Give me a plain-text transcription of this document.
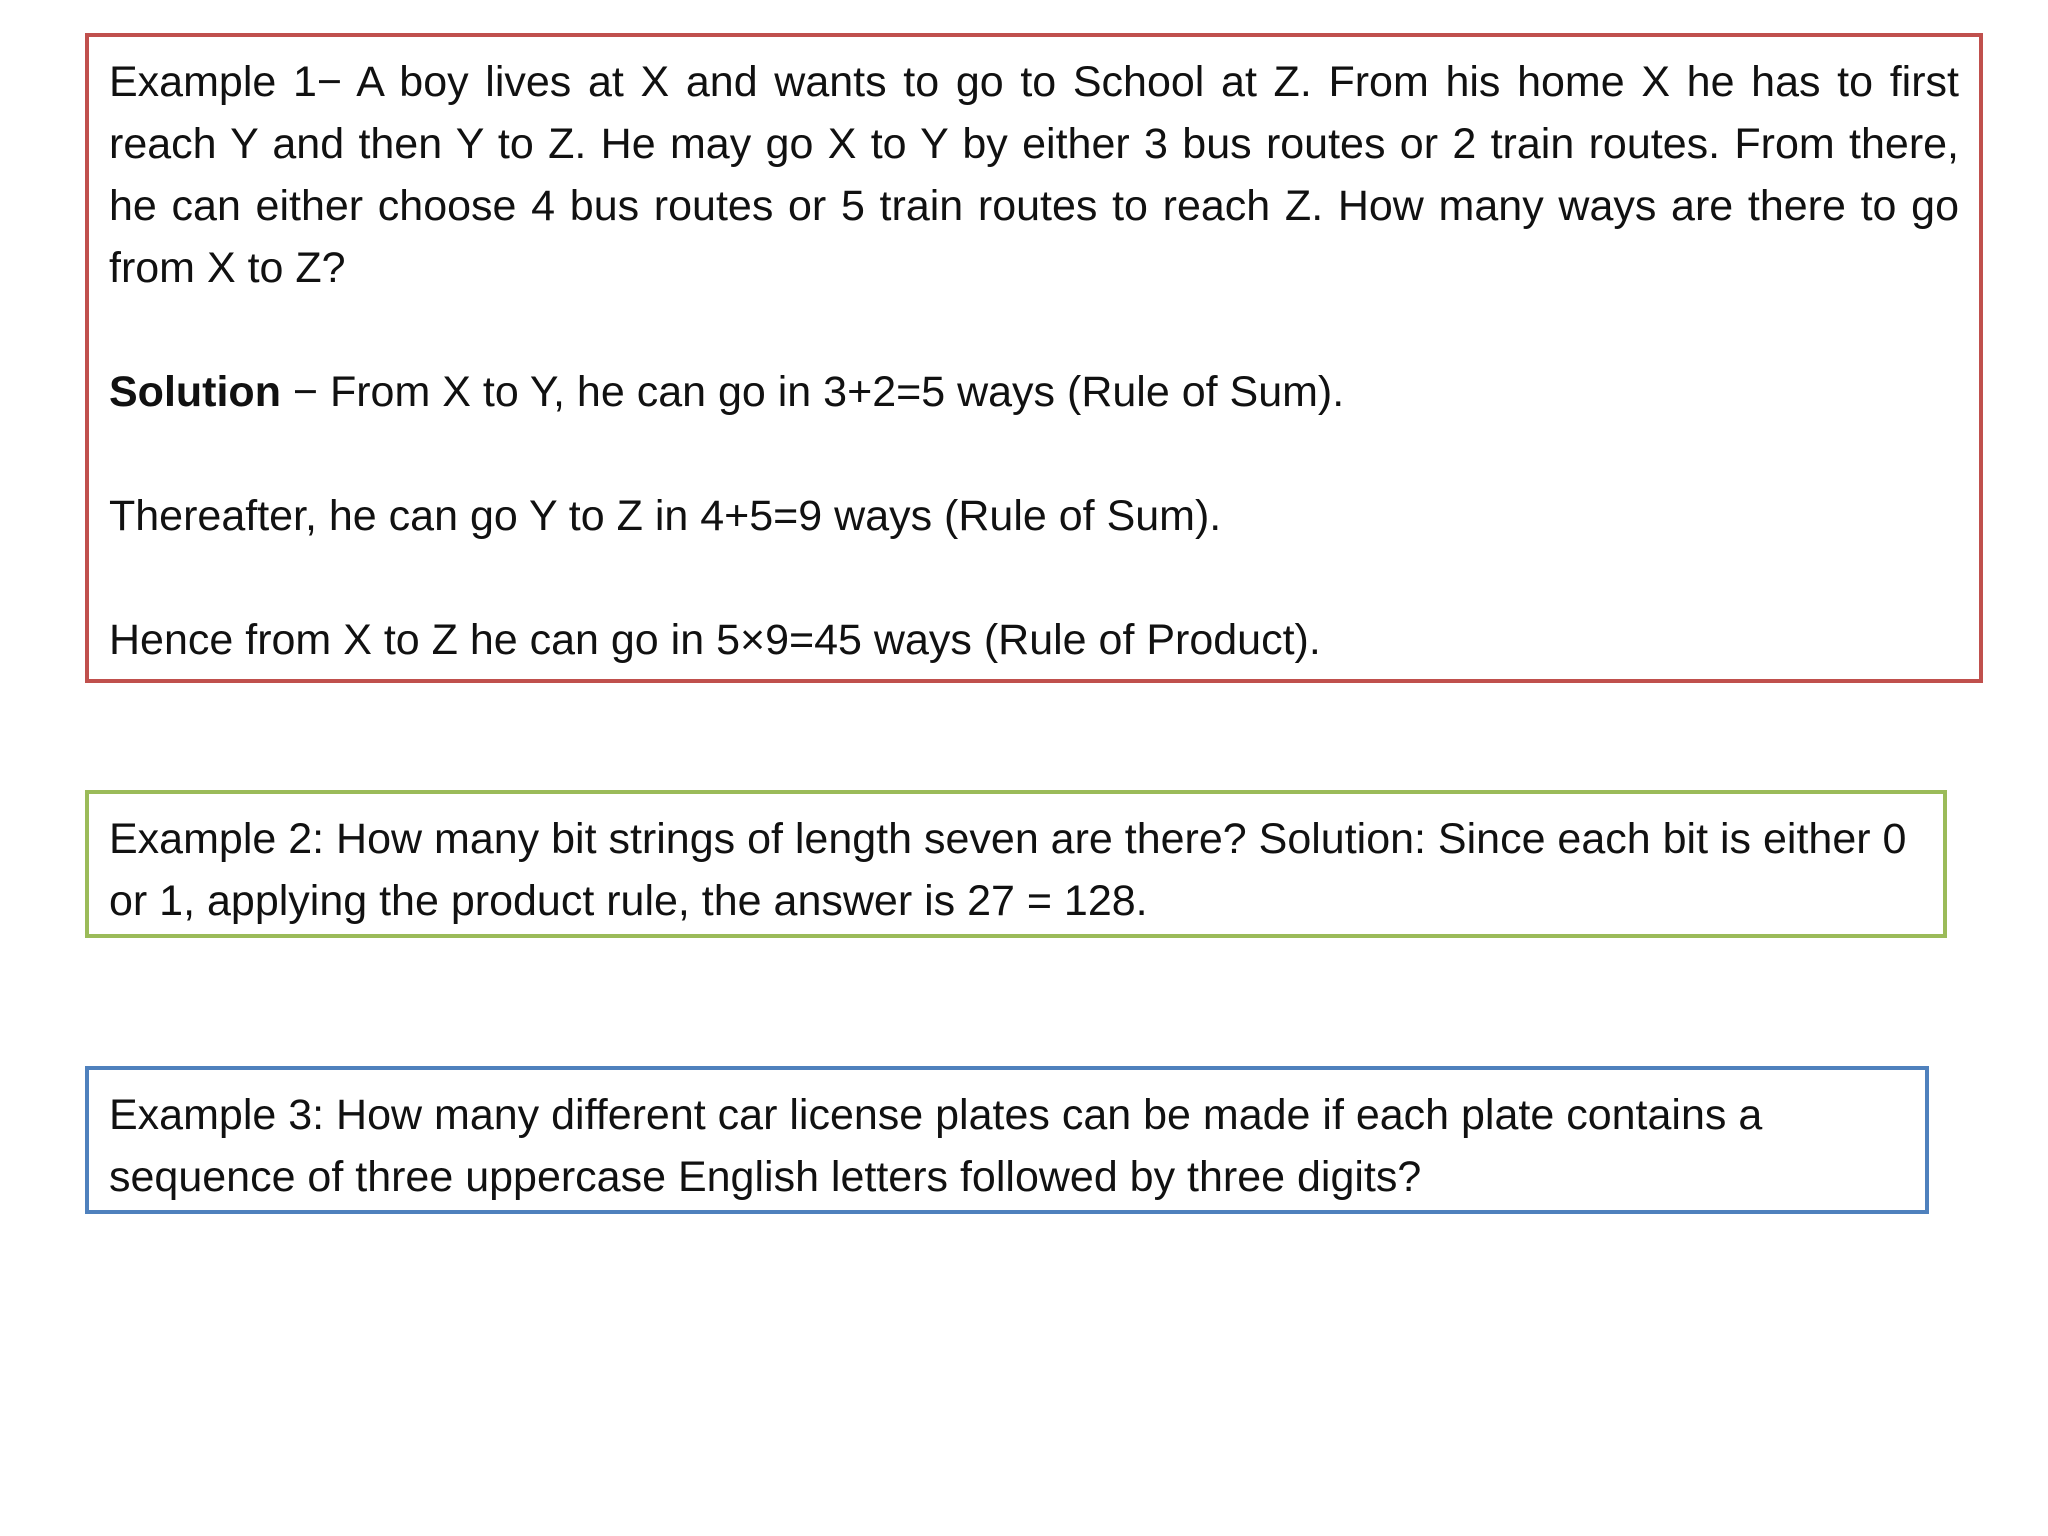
Example 1− A boy lives at X and wants to go to School at Z. From his home X he has to first reach Y and then Y to Z. He may go X to Y by either 3 bus routes or 2 train routes. From there, he can either choose 4 bus routes or 5 train routes to reach Z. How many ways are there to go from X to Z?

Solution − From X to Y, he can go in 3+2=5 ways (Rule of Sum).

Thereafter, he can go Y to Z in 4+5=9 ways (Rule of Sum).

Hence from X to Z he can go in 5×9=45 ways (Rule of Product).

Example 2: How many bit strings of length seven are there? Solution: Since each bit is either 0 or 1, applying the product rule, the answer is 27 = 128.

Example 3: How many different car license plates can be made if each plate contains a sequence of three uppercase English letters followed by three digits?
